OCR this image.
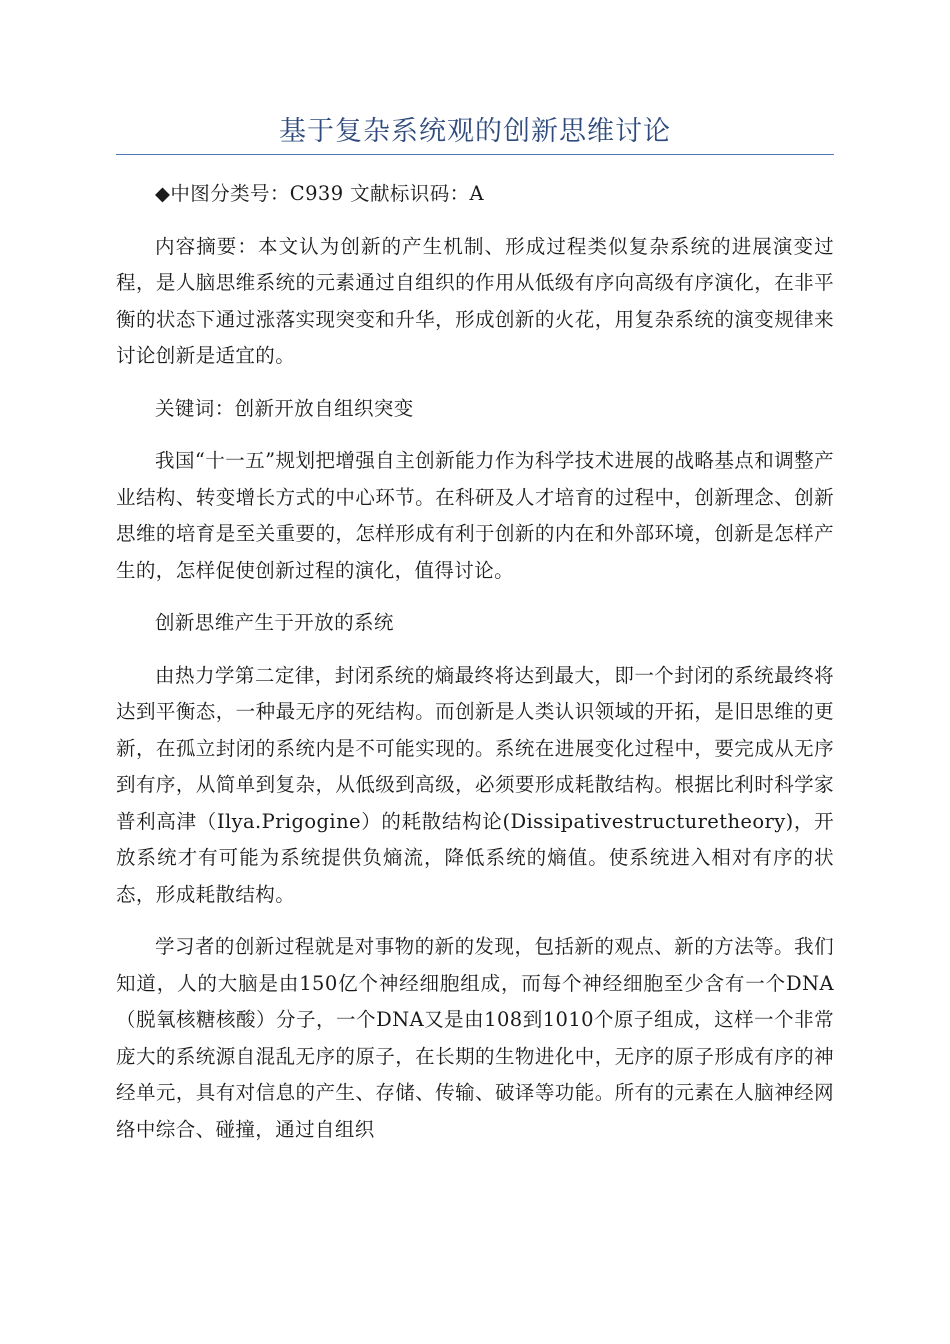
基于复杂系统观的创新思维讨论

◆中图分类号：C939 文献标识码：A

内容摘要：本文认为创新的产生机制、形成过程类似复杂系统的进展演变过程，是人脑思维系统的元素通过自组织的作用从低级有序向高级有序演化，在非平衡的状态下通过涨落实现突变和升华，形成创新的火花，用复杂系统的演变规律来讨论创新是适宜的。

关键词：创新开放自组织突变

我国“十一五”规划把增强自主创新能力作为科学技术进展的战略基点和调整产业结构、转变增长方式的中心环节。在科研及人才培育的过程中，创新理念、创新思维的培育是至关重要的，怎样形成有利于创新的内在和外部环境，创新是怎样产生的，怎样促使创新过程的演化，值得讨论。

创新思维产生于开放的系统

由热力学第二定律，封闭系统的熵最终将达到最大，即一个封闭的系统最终将达到平衡态，一种最无序的死结构。而创新是人类认识领域的开拓，是旧思维的更新，在孤立封闭的系统内是不可能实现的。系统在进展变化过程中，要完成从无序到有序，从简单到复杂，从低级到高级，必须要形成耗散结构。根据比利时科学家普利高津（Ilya.Prigogine）的耗散结构论(Dissipativestructuretheory)，开放系统才有可能为系统提供负熵流，降低系统的熵值。使系统进入相对有序的状态，形成耗散结构。

学习者的创新过程就是对事物的新的发现，包括新的观点、新的方法等。我们知道，人的大脑是由150亿个神经细胞组成，而每个神经细胞至少含有一个DNA（脱氧核糖核酸）分子，一个DNA又是由108到1010个原子组成，这样一个非常庞大的系统源自混乱无序的原子，在长期的生物进化中，无序的原子形成有序的神经单元，具有对信息的产生、存储、传输、破译等功能。所有的元素在人脑神经网络中综合、碰撞，通过自组织
